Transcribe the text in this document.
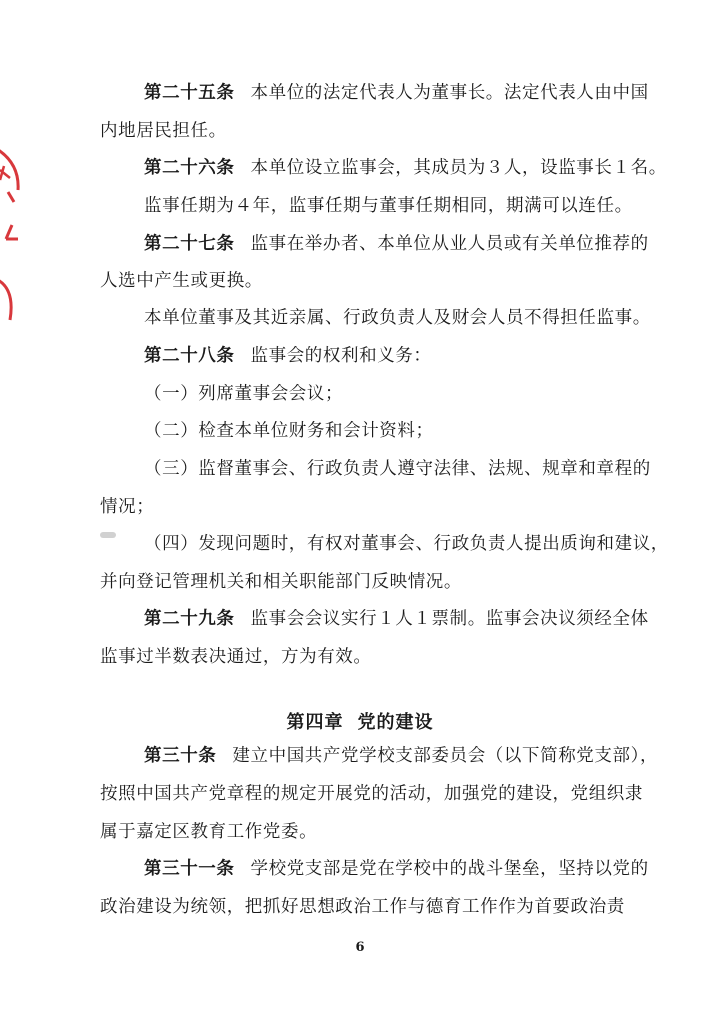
第二十五条 本单位的法定代表人为董事长。法定代表人由中国
内地居民担任。
第二十六条 本单位设立监事会，其成员为３人，设监事长１名。
监事任期为４年，监事任期与董事任期相同，期满可以连任。
第二十七条 监事在举办者、本单位从业人员或有关单位推荐的
人选中产生或更换。
本单位董事及其近亲属、行政负责人及财会人员不得担任监事。
第二十八条 监事会的权利和义务：
（一）列席董事会会议；
（二）检查本单位财务和会计资料；
（三）监督董事会、行政负责人遵守法律、法规、规章和章程的
情况；
（四）发现问题时，有权对董事会、行政负责人提出质询和建议，
并向登记管理机关和相关职能部门反映情况。
第二十九条 监事会会议实行１人１票制。监事会决议须经全体
监事过半数表决通过，方为有效。
第四章 党的建设
第三十条 建立中国共产党学校支部委员会（以下简称党支部），
按照中国共产党章程的规定开展党的活动，加强党的建设，党组织隶
属于嘉定区教育工作党委。
第三十一条 学校党支部是党在学校中的战斗堡垒，坚持以党的
政治建设为统领，把抓好思想政治工作与德育工作作为首要政治责
6
